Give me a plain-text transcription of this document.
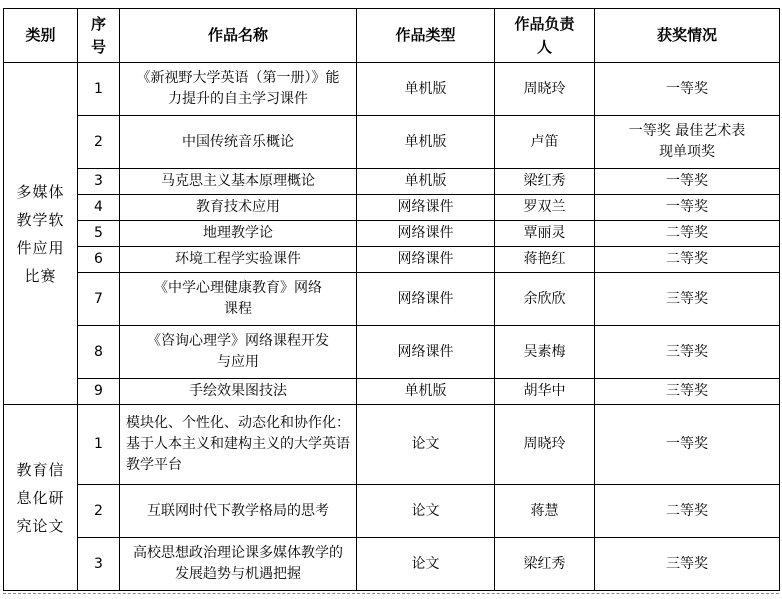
类别	序号	作品名称	作品类型	作品负责人	获奖情况

多媒体教学软件应用比赛	1	《新视野大学英语（第一册）》能力提升的自主学习课件	单机版	周晓玲	一等奖
	2	中国传统音乐概论	单机版	卢笛	一等奖 最佳艺术表现单项奖
	3	马克思主义基本原理概论	单机版	梁红秀	一等奖
	4	教育技术应用	网络课件	罗双兰	一等奖
	5	地理教学论	网络课件	覃丽灵	二等奖
	6	环境工程学实验课件	网络课件	蒋艳红	二等奖
	7	《中学心理健康教育》网络课程	网络课件	余欣欣	三等奖
	8	《咨询心理学》网络课程开发与应用	网络课件	吴素梅	三等奖
	9	手绘效果图技法	单机版	胡华中	三等奖

教育信息化研究论文	1	模块化、个性化、动态化和协作化：基于人本主义和建构主义的大学英语教学平台	论文	周晓玲	一等奖
	2	互联网时代下教学格局的思考	论文	蒋慧	二等奖
	3	高校思想政治理论课多媒体教学的发展趋势与机遇把握	论文	梁红秀	三等奖
